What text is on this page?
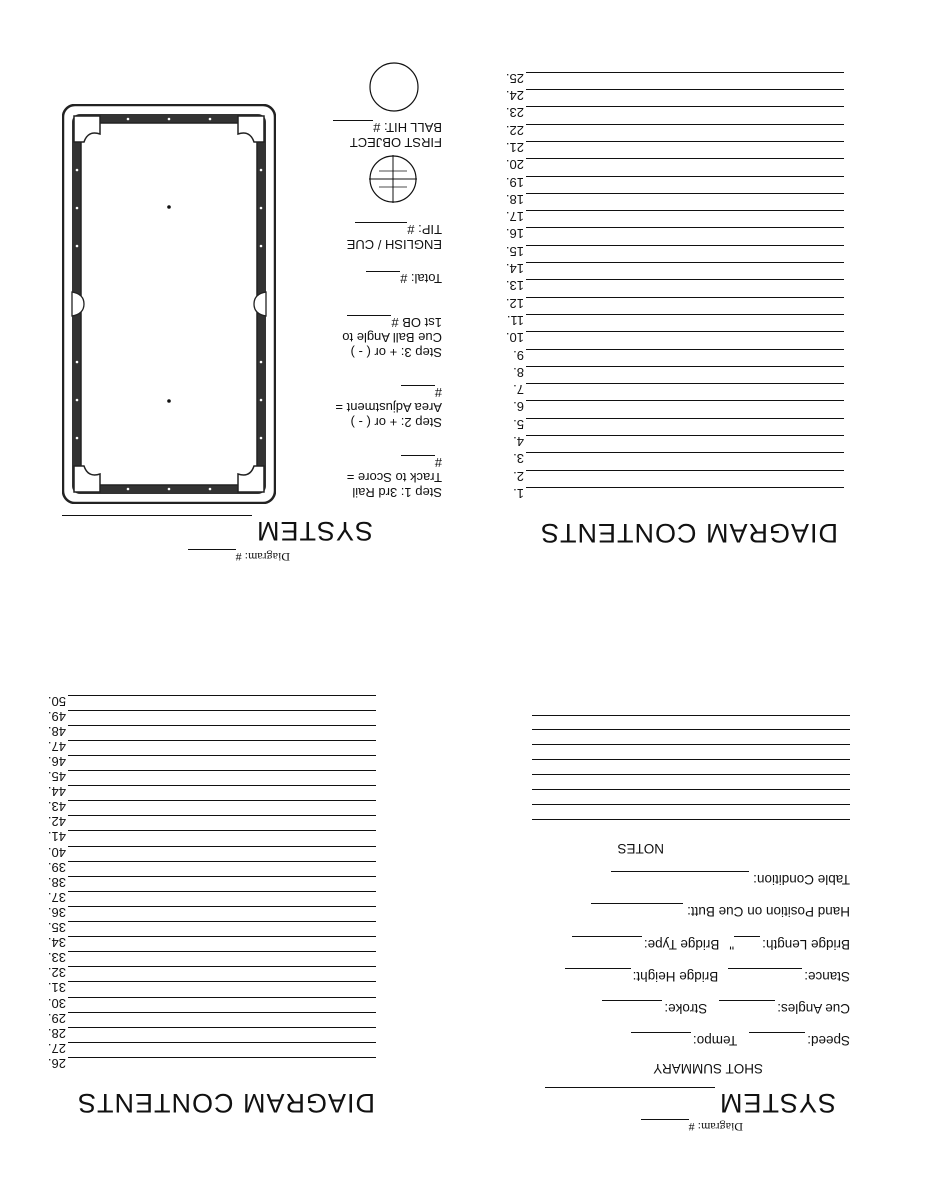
Diagram: #
SYSTEM
SHOT SUMMARY
Speed:Tempo:
Cue Angles:Stroke:
Stance:Bridge Height:
Bridge Length:"Bridge Type:
Hand Position on Cue Butt:
Table Condition:
NOTES
DIAGRAM CONTENTS
26.
27.
28.
29.
30.
31.
32.
33.
34.
35.
36.
37.
38.
39.
40.
41.
42.
43.
44.
45.
46.
47.
48.
49.
50.
DIAGRAM CONTENTS
1.
2.
3.
4.
5.
6.
7.
8.
9.
10.
11.
12.
13.
14.
15.
16.
17.
18.
19.
20.
21.
22.
23.
24.
25.
Diagram: #
SYSTEM
Step 1: 3rd Rail
Track to Score =
#
Step 2: + or ( - )
Area Adjustment =
#
Step 3: + or ( - )
Cue Ball Angle to
1st OB #
Total: #
ENGLISH / CUE
TIP: #
FIRST OBJECT
BALL HIT: #
